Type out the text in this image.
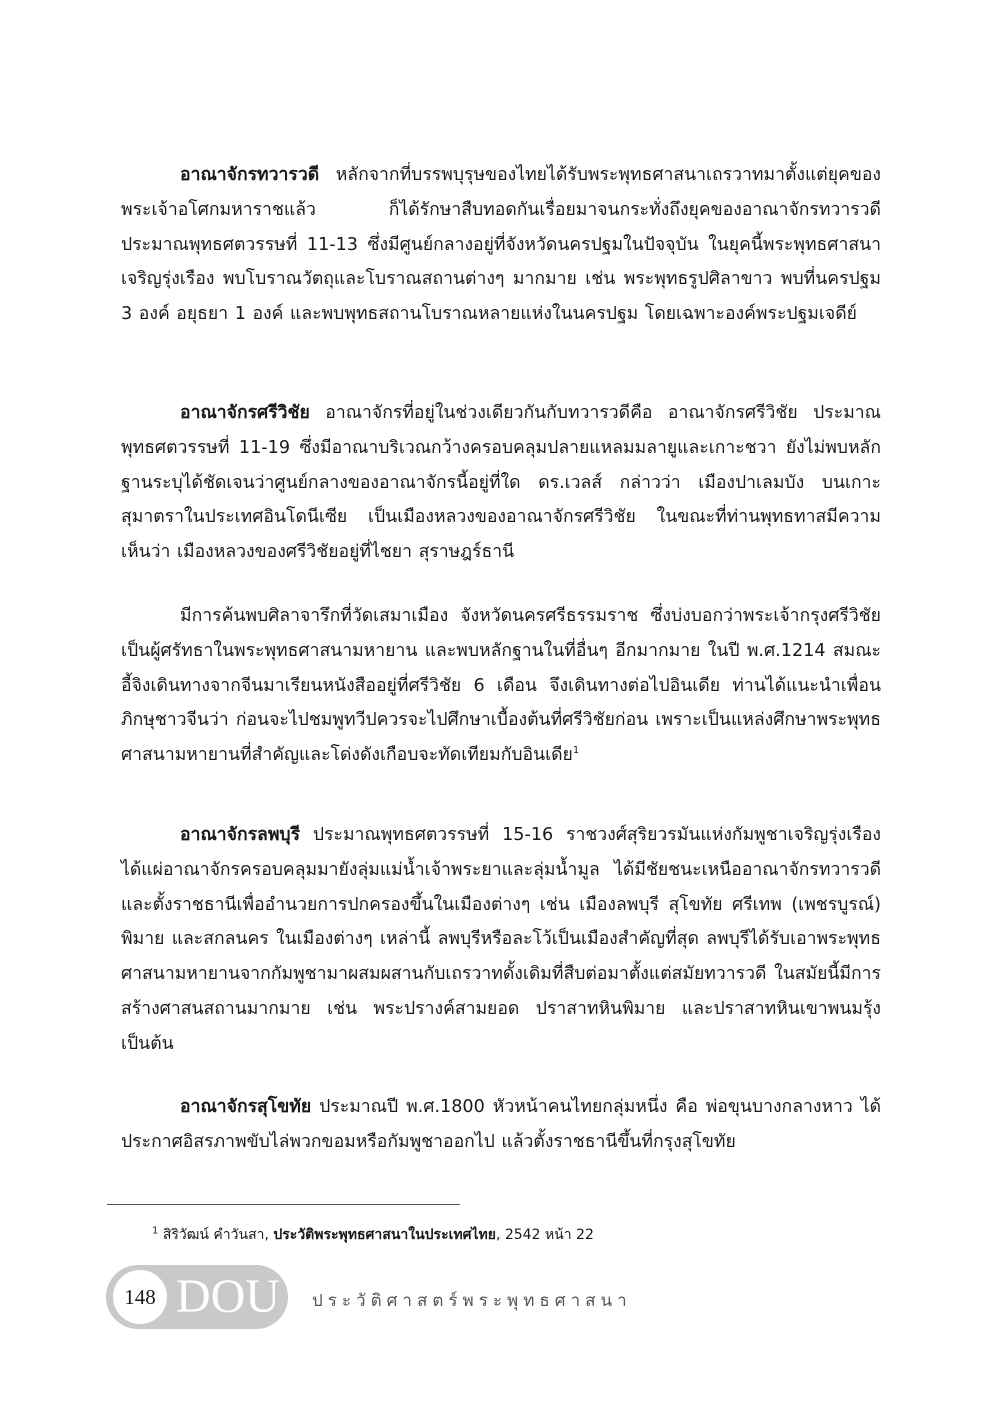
อาณาจักรทวารวดี หลักจากที่บรรพบุรุษของไทยได้รับพระพุทธศาสนาเถรวาทมาตั้งแต่ยุคของพระเจ้าอโศกมหาราชแล้ว ก็ได้รักษาสืบทอดกันเรื่อยมาจนกระทั่งถึงยุคของอาณาจักรทวารวดี ประมาณพุทธศตวรรษที่ 11-13 ซึ่งมีศูนย์กลางอยู่ที่จังหวัดนครปฐมในปัจจุบัน ในยุคนี้พระพุทธศาสนาเจริญรุ่งเรือง พบโบราณวัตถุและโบราณสถานต่างๆ มากมาย เช่น พระพุทธรูปศิลาขาว พบที่นครปฐม 3 องค์ อยุธยา 1 องค์ และพบพุทธสถานโบราณหลายแห่งในนครปฐม โดยเฉพาะองค์พระปฐมเจดีย์

อาณาจักรศรีวิชัย อาณาจักรที่อยู่ในช่วงเดียวกันกับทวารวดีคือ อาณาจักรศรีวิชัย ประมาณพุทธศตวรรษที่ 11-19 ซึ่งมีอาณาบริเวณกว้างครอบคลุมปลายแหลมมลายูและเกาะชวา ยังไม่พบหลักฐานระบุได้ชัดเจนว่าศูนย์กลางของอาณาจักรนี้อยู่ที่ใด ดร.เวลส์ กล่าวว่า เมืองปาเลมบัง บนเกาะสุมาตราในประเทศอินโดนีเซีย เป็นเมืองหลวงของอาณาจักรศรีวิชัย ในขณะที่ท่านพุทธทาสมีความเห็นว่า เมืองหลวงของศรีวิชัยอยู่ที่ไชยา สุราษฎร์ธานี

มีการค้นพบศิลาจารึกที่วัดเสมาเมือง จังหวัดนครศรีธรรมราช ซึ่งบ่งบอกว่าพระเจ้ากรุงศรีวิชัยเป็นผู้ศรัทธาในพระพุทธศาสนามหายาน และพบหลักฐานในที่อื่นๆ อีกมากมาย ในปี พ.ศ.1214 สมณะอี้จิงเดินทางจากจีนมาเรียนหนังสืออยู่ที่ศรีวิชัย 6 เดือน จึงเดินทางต่อไปอินเดีย ท่านได้แนะนำเพื่อนภิกษุชาวจีนว่า ก่อนจะไปชมพูทวีปควรจะไปศึกษาเบื้องต้นที่ศรีวิชัยก่อน เพราะเป็นแหล่งศึกษาพระพุทธศาสนามหายานที่สำคัญและโด่งดังเกือบจะทัดเทียมกับอินเดีย$^1$

อาณาจักรลพบุรี ประมาณพุทธศตวรรษที่ 15-16 ราชวงศ์สุริยวรมันแห่งกัมพูชาเจริญรุ่งเรือง ได้แผ่อาณาจักรครอบคลุมมายังลุ่มแม่น้ำเจ้าพระยาและลุ่มน้ำมูล ได้มีชัยชนะเหนืออาณาจักรทวารวดี และตั้งราชธานีเพื่ออำนวยการปกครองขึ้นในเมืองต่างๆ เช่น เมืองลพบุรี สุโขทัย ศรีเทพ (เพชรบูรณ์) พิมาย และสกลนคร ในเมืองต่างๆ เหล่านี้ ลพบุรีหรือละโว้เป็นเมืองสำคัญที่สุด ลพบุรีได้รับเอาพระพุทธศาสนามหายานจากกัมพูชามาผสมผสานกับเถรวาทดั้งเดิมที่สืบต่อมาตั้งแต่สมัยทวารวดี ในสมัยนี้มีการสร้างศาสนสถานมากมาย เช่น พระปรางค์สามยอด ปราสาทหินพิมาย และปราสาทหินเขาพนมรุ้ง เป็นต้น

อาณาจักรสุโขทัย ประมาณปี พ.ศ.1800 หัวหน้าคนไทยกลุ่มหนึ่ง คือ พ่อขุนบางกลางหาว ได้ประกาศอิสรภาพขับไล่พวกขอมหรือกัมพูชาออกไป แล้วตั้งราชธานีขึ้นที่กรุงสุโขทัย

$^1$ สิริวัฒน์ คำวันสา, ประวัติพระพุทธศาสนาในประเทศไทย, 2542 หน้า 22
148 DOU ประวัติศาสตร์พระพุทธศาสนา
